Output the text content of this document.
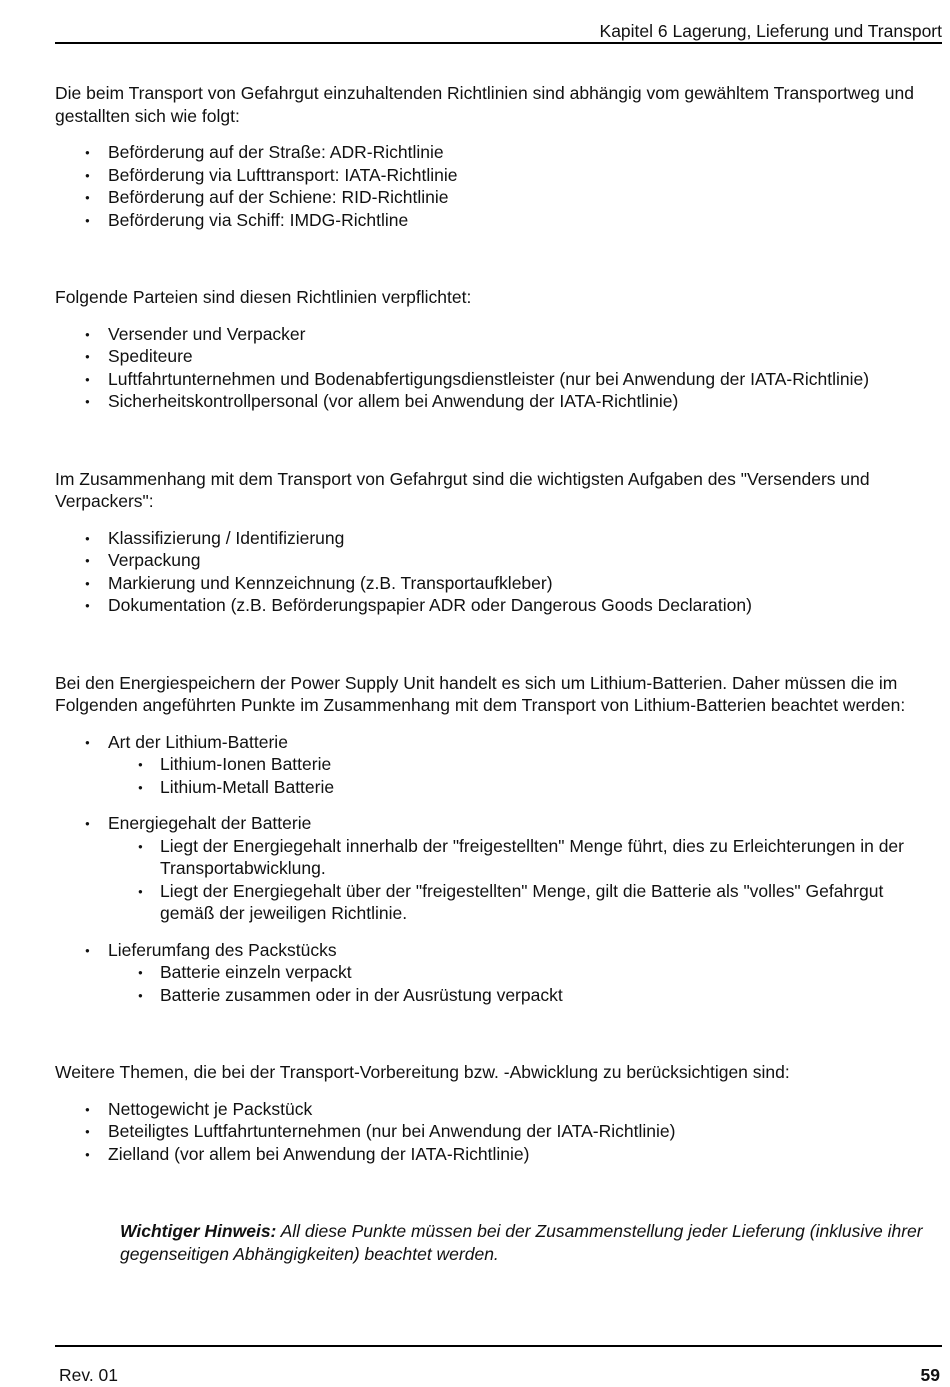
Kapitel 6 Lagerung, Lieferung und Transport

Die beim Transport von Gefahrgut einzuhaltenden Richtlinien sind abhängig vom gewähltem Transportweg und gestallten sich wie folgt:

● Beförderung auf der Straße: ADR-Richtlinie
● Beförderung via Lufttransport: IATA-Richtlinie
● Beförderung auf der Schiene: RID-Richtlinie
● Beförderung via Schiff: IMDG-Richtline

Folgende Parteien sind diesen Richtlinien verpflichtet:

● Versender und Verpacker
● Spediteure
● Luftfahrtunternehmen und Bodenabfertigungsdienstleister (nur bei Anwendung der IATA-Richtlinie)
● Sicherheitskontrollpersonal (vor allem bei Anwendung der IATA-Richtlinie)

Im Zusammenhang mit dem Transport von Gefahrgut sind die wichtigsten Aufgaben des "Versenders und Verpackers":

● Klassifizierung / Identifizierung
● Verpackung
● Markierung und Kennzeichnung (z.B. Transportaufkleber)
● Dokumentation (z.B. Beförderungspapier ADR oder Dangerous Goods Declaration)

Bei den Energiespeichern der Power Supply Unit handelt es sich um Lithium-Batterien. Daher müssen die im Folgenden angeführten Punkte im Zusammenhang mit dem Transport von Lithium-Batterien beachtet werden:

● Art der Lithium-Batterie
● Lithium-Ionen Batterie
● Lithium-Metall Batterie
● Energiegehalt der Batterie
● Liegt der Energiegehalt innerhalb der "freigestellten" Menge führt, dies zu Erleichterungen in der Transportabwicklung.
● Liegt der Energiegehalt über der "freigestellten" Menge, gilt die Batterie als "volles" Gefahrgut gemäß der jeweiligen Richtlinie.
● Lieferumfang des Packstücks
● Batterie einzeln verpackt
● Batterie zusammen oder in der Ausrüstung verpackt

Weitere Themen, die bei der Transport-Vorbereitung bzw. -Abwicklung zu berücksichtigen sind:

● Nettogewicht je Packstück
● Beteiligtes Luftfahrtunternehmen (nur bei Anwendung der IATA-Richtlinie)
● Zielland (vor allem bei Anwendung der IATA-Richtlinie)

Wichtiger Hinweis: All diese Punkte müssen bei der Zusammenstellung jeder Lieferung (inklusive ihrer gegenseitigen Abhängigkeiten) beachtet werden.

Rev. 01	59
